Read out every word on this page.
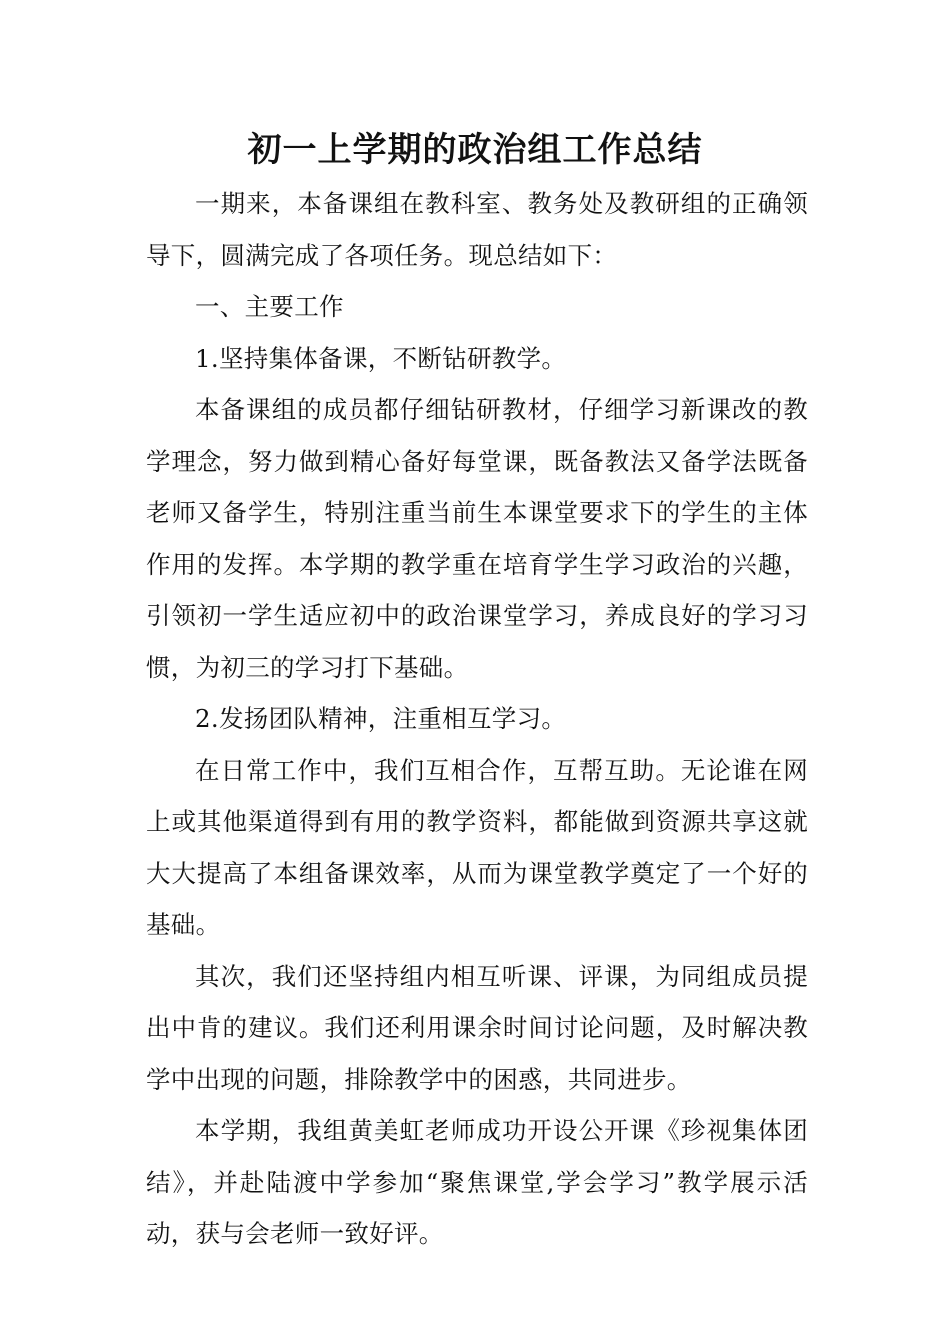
初一上学期的政治组工作总结

一期来，本备课组在教科室、教务处及教研组的正确领导下，圆满完成了各项任务。现总结如下：

一、主要工作

1.坚持集体备课，不断钻研教学。

本备课组的成员都仔细钻研教材，仔细学习新课改的教学理念，努力做到精心备好每堂课，既备教法又备学法既备老师又备学生，特别注重当前生本课堂要求下的学生的主体作用的发挥。本学期的教学重在培育学生学习政治的兴趣，引领初一学生适应初中的政治课堂学习，养成良好的学习习惯，为初三的学习打下基础。

2.发扬团队精神，注重相互学习。

在日常工作中，我们互相合作，互帮互助。无论谁在网上或其他渠道得到有用的教学资料，都能做到资源共享这就大大提高了本组备课效率，从而为课堂教学奠定了一个好的基础。

其次，我们还坚持组内相互听课、评课，为同组成员提出中肯的建议。我们还利用课余时间讨论问题，及时解决教学中出现的问题，排除教学中的困惑，共同进步。

本学期，我组黄美虹老师成功开设公开课《珍视集体团结》，并赴陆渡中学参加“聚焦课堂,学会学习”教学展示活动，获与会老师一致好评。
